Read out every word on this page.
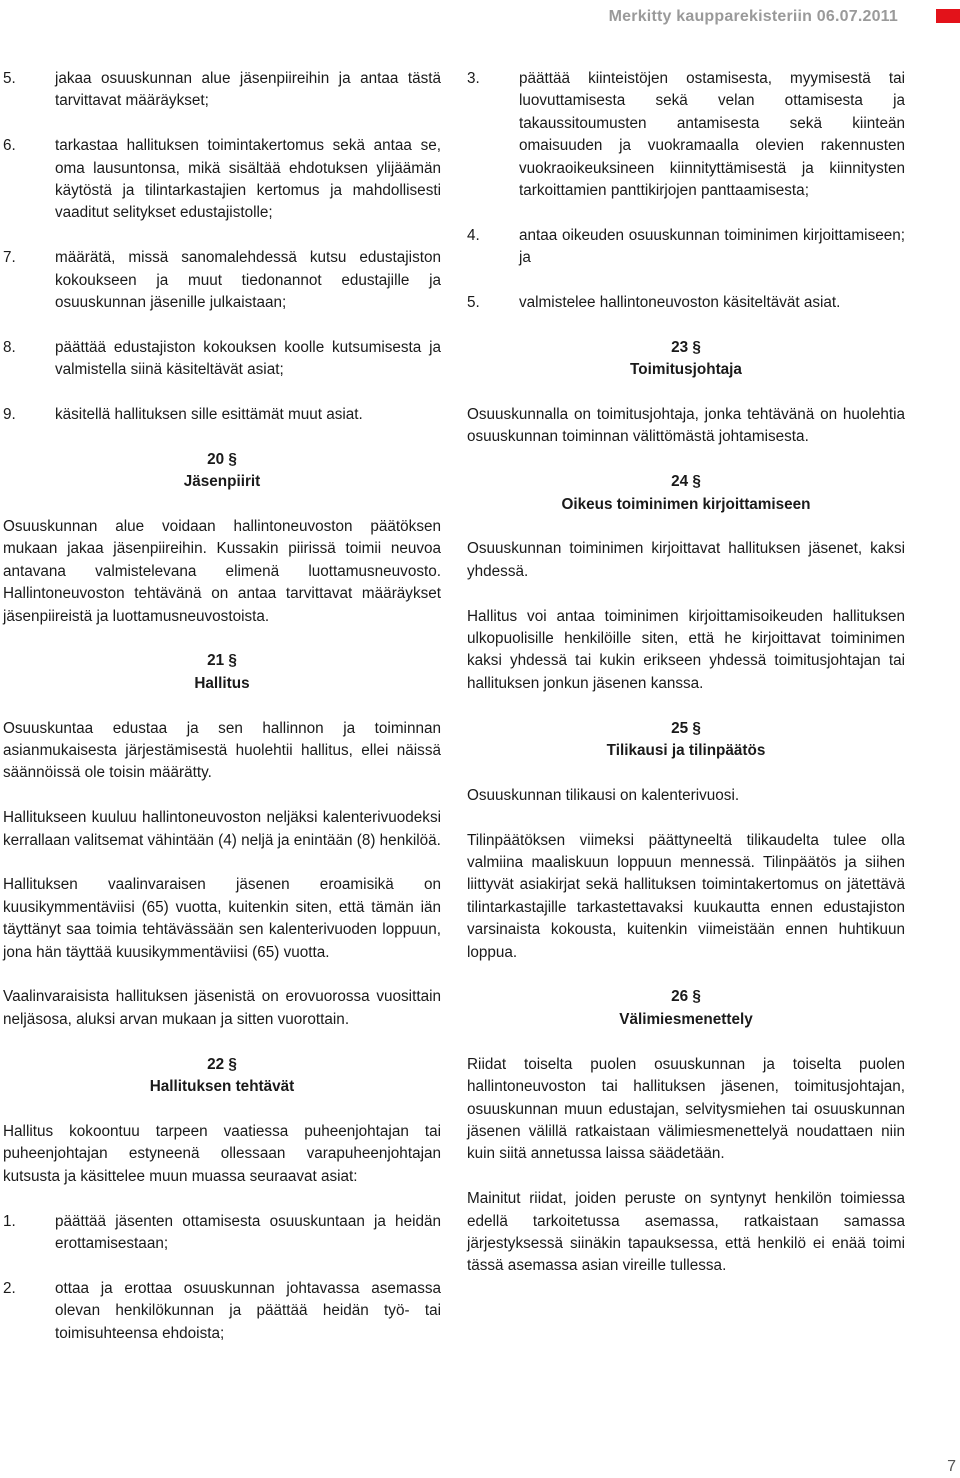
Merkitty kaupparekisteriin 06.07.2011
5.	jakaa osuuskunnan alue jäsenpiireihin ja antaa tästä tarvittavat määräykset;
6.	tarkastaa hallituksen toimintakertomus sekä antaa se, oma lausuntonsa, mikä sisältää ehdotuksen ylijäämän käytöstä ja tilintarkastajien kertomus ja mahdollisesti vaaditut selitykset edustajistolle;
7.	määrätä, missä sanomalehdessä kutsu edustajiston kokoukseen ja muut tiedonannot edustajille ja osuuskunnan jäsenille julkaistaan;
8.	päättää edustajiston kokouksen koolle kutsumisesta ja valmistella siinä käsiteltävät asiat;
9.	käsitellä hallituksen sille esittämät muut asiat.
20 §
Jäsenpiirit

Osuuskunnan alue voidaan hallintoneuvoston päätöksen mukaan jakaa jäsenpiireihin. Kussakin piirissä toimii neuvoa antavana valmistelevana elimenä luottamusneuvosto. Hallintoneuvoston tehtävänä on antaa tarvittavat määräykset jäsenpiireistä ja luottamusneuvostoista.

21 §
Hallitus

Osuuskuntaa edustaa ja sen hallinnon ja toiminnan asianmukaisesta järjestämisestä huolehtii hallitus, ellei näissä säännöissä ole toisin määrätty.

Hallitukseen kuuluu hallintoneuvoston neljäksi kalenterivuodeksi kerrallaan valitsemat vähintään (4) neljä ja enintään (8) henkilöä.

Hallituksen vaalinvaraisen jäsenen eroamisikä on kuusikymmentäviisi (65) vuotta, kuitenkin siten, että tämän iän täyttänyt saa toimia tehtävässään sen kalenterivuoden loppuun, jona hän täyttää kuusikymmentäviisi (65) vuotta.

Vaalinvaraisista hallituksen jäsenistä on erovuorossa vuosittain neljäsosa, aluksi arvan mukaan ja sitten vuorottain.

22 §
Hallituksen tehtävät

Hallitus kokoontuu tarpeen vaatiessa puheenjohtajan tai puheenjohtajan estyneenä ollessaan varapuheenjohtajan kutsusta ja käsittelee muun muassa seuraavat asiat:

1.	päättää jäsenten ottamisesta osuuskuntaan ja heidän erottamisestaan;
2.	ottaa ja erottaa osuuskunnan johtavassa asemassa olevan henkilökunnan ja päättää heidän työ- tai toimisuhteensa ehdoista;
3.	päättää kiinteistöjen ostamisesta, myymisestä tai luovuttamisesta sekä velan ottamisesta ja takaussitoumusten antamisesta sekä kiinteän omaisuuden ja vuokramaalla olevien rakennusten vuokraoikeuksineen kiinnityttämisestä ja kiinnitysten tarkoittamien panttikirjojen panttaamisesta;
4.	antaa oikeuden osuuskunnan toiminimen kirjoittamiseen; ja
5.	valmistelee hallintoneuvoston käsiteltävät asiat.
23 §
Toimitusjohtaja

Osuuskunnalla on toimitusjohtaja, jonka tehtävänä on huolehtia osuuskunnan toiminnan välittömästä johtamisesta.

24 §
Oikeus toiminimen kirjoittamiseen

Osuuskunnan toiminimen kirjoittavat hallituksen jäsenet, kaksi yhdessä.

Hallitus voi antaa toiminimen kirjoittamisoikeuden hallituksen ulkopuolisille henkilöille siten, että he kirjoittavat toiminimen kaksi yhdessä tai kukin erikseen yhdessä toimitusjohtajan tai hallituksen jonkun jäsenen kanssa.

25 §
Tilikausi ja tilinpäätös

Osuuskunnan tilikausi on kalenterivuosi.

Tilinpäätöksen viimeksi päättyneeltä tilikaudelta tulee olla valmiina maaliskuun loppuun mennessä. Tilinpäätös ja siihen liittyvät asiakirjat sekä hallituksen toimintakertomus on jätettävä tilintarkastajille tarkastettavaksi kuukautta ennen edustajiston varsinaista kokousta, kuitenkin viimeistään ennen huhtikuun loppua.

26 §
Välimiesmenettely

Riidat toiselta puolen osuuskunnan ja toiselta puolen hallintoneuvoston tai hallituksen jäsenen, toimitusjohtajan, osuuskunnan muun edustajan, selvitysmiehen tai osuuskunnan jäsenen välillä ratkaistaan välimiesmenettelyä noudattaen niin kuin siitä annetussa laissa säädetään.

Mainitut riidat, joiden peruste on syntynyt henkilön toimiessa edellä tarkoitetussa asemassa, ratkaistaan samassa järjestyksessä siinäkin tapauksessa, että henkilö ei enää toimi tässä asemassa asian vireille tullessa.

7
